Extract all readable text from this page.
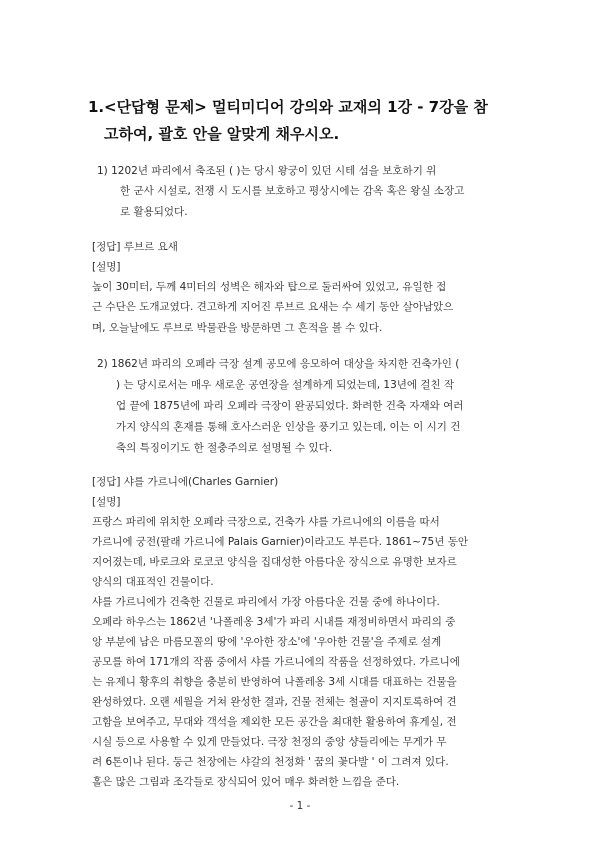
1. <단답형 문제> 멀티미디어 강의와 교재의 1강 - 7강을 참
고하여, 괄호 안을 알맞게 채우시오.
1) 1202년 파리에서 축조된 ( )는 당시 왕궁이 있던 시테 섬을 보호하기 위
한 군사 시설로, 전쟁 시 도시를 보호하고 평상시에는 감옥 혹은 왕실 소장고
로 활용되었다.
[정답] 루브르 요새
[설명]
높이 30미터, 두께 4미터의 성벽은 해자와 탑으로 둘러싸여 있었고, 유일한 접
근 수단은 도개교였다. 견고하게 지어진 루브르 요새는 수 세기 동안 살아남았으
며, 오늘날에도 루브로 박물관을 방문하면 그 흔적을 볼 수 있다.
2) 1862년 파리의 오페라 극장 설계 공모에 응모하여 대상을 차지한 건축가인 (
) 는 당시로서는 매우 새로운 공연장을 설계하게 되었는데, 13년에 걸친 작
업 끝에 1875년에 파리 오페라 극장이 완공되었다. 화려한 건축 자재와 여러
가지 양식의 혼재를 통해 호사스러운 인상을 풍기고 있는데, 이는 이 시기 건
축의 특징이기도 한 절충주의로 설명될 수 있다.
[정답] 샤를 가르니에(Charles Garnier)
[설명]
프랑스 파리에 위치한 오페라 극장으로, 건축가 샤를 가르니에의 이름을 따서
가르니에 궁전(팔래 가르니에 Palais Garnier)이라고도 부른다. 1861~75년 동안
지어졌는데, 바로크와 로코코 양식을 집대성한 아름다운 장식으로 유명한 보자르
양식의 대표적인 건물이다.
샤를 가르니에가 건축한 건물로 파리에서 가장 아름다운 건물 중에 하나이다.
오페라 하우스는 1862년 '나폴레옹 3세'가 파리 시내를 재정비하면서 파리의 중
앙 부분에 남은 마름모꼴의 땅에 '우아한 장소'에 '우아한 건물'을 주제로 설계
공모를 하여 171개의 작품 중에서 샤를 가르니에의 작품을 선정하였다. 가르니에
는 유제니 황후의 취향을 충분히 반영하여 나폴레옹 3세 시대를 대표하는 건물을
완성하였다. 오랜 세월을 거쳐 완성한 결과, 건물 전체는 철골이 지지토록하여 견
고함을 보여주고, 무대와 객석을 제외한 모든 공간을 최대한 활용하여 휴게실, 전
시실 등으로 사용할 수 있게 만들었다. 극장 천정의 중앙 샹들리에는 무게가 무
려 6톤이나 된다. 둥근 천장에는 샤갈의 천정화 ' 꿈의 꽃다발 ' 이 그려져 있다.
홀은 많은 그림과 조각들로 장식되어 있어 매우 화려한 느낌을 준다.
- 1 -
